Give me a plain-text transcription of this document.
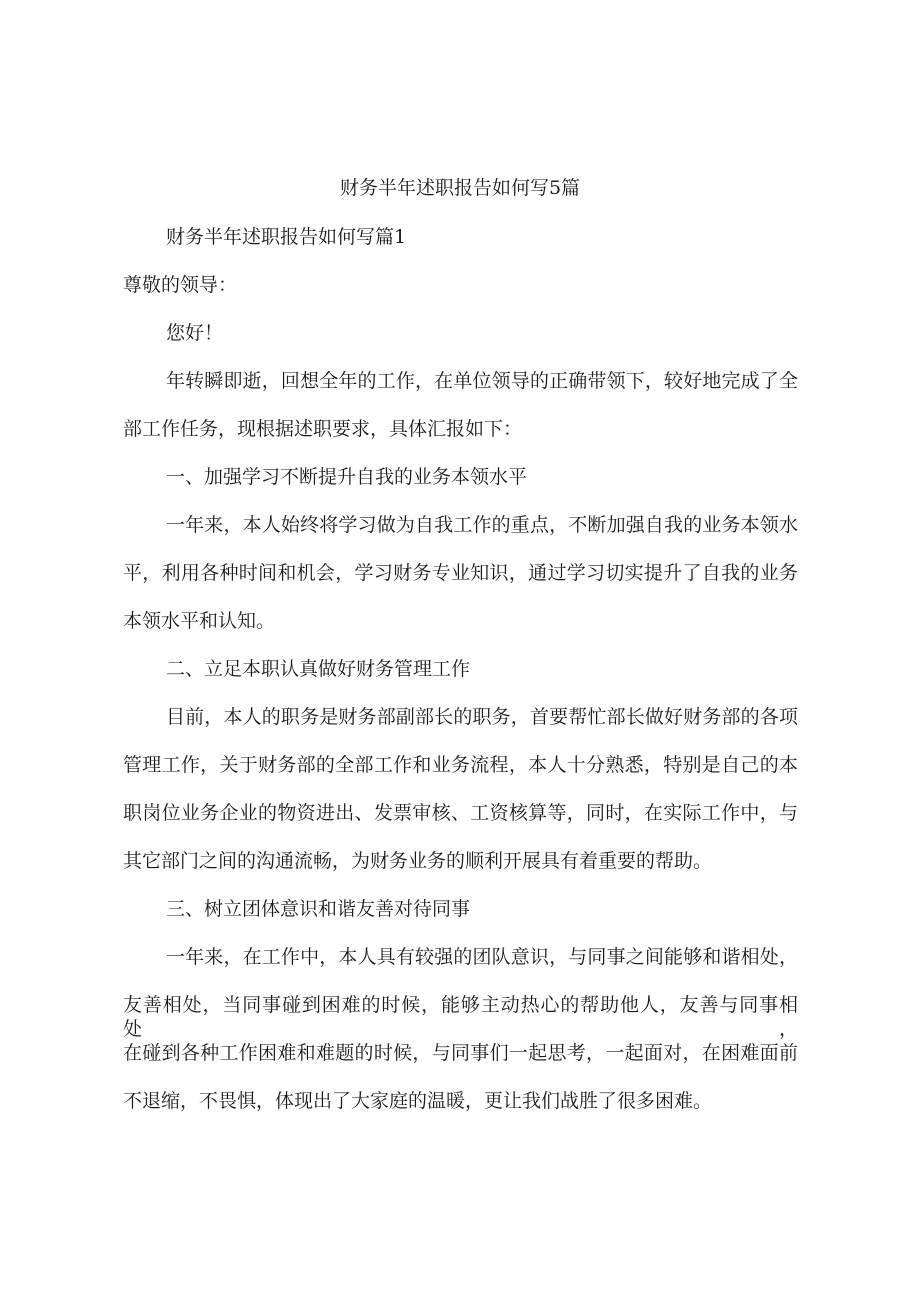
财务半年述职报告如何写5篇
财务半年述职报告如何写篇1
尊敬的领导：
您好！
年转瞬即逝，回想全年的工作，在单位领导的正确带领下，较好地完成了全
部工作任务，现根据述职要求，具体汇报如下：
一、加强学习不断提升自我的业务本领水平
一年来，本人始终将学习做为自我工作的重点，不断加强自我的业务本领水
平，利用各种时间和机会，学习财务专业知识，通过学习切实提升了自我的业务
本领水平和认知。
二、立足本职认真做好财务管理工作
目前，本人的职务是财务部副部长的职务，首要帮忙部长做好财务部的各项
管理工作，关于财务部的全部工作和业务流程，本人十分熟悉，特别是自己的本
职岗位业务企业的物资进出、发票审核、工资核算等，同时，在实际工作中，与
其它部门之间的沟通流畅，为财务业务的顺利开展具有着重要的帮助。
三、树立团体意识和谐友善对待同事
一年来，在工作中，本人具有较强的团队意识，与同事之间能够和谐相处，
友善相处，当同事碰到困难的时候，能够主动热心的帮助他人，友善与同事相处，
在碰到各种工作困难和难题的时候，与同事们一起思考，一起面对，在困难面前
不退缩，不畏惧，体现出了大家庭的温暖，更让我们战胜了很多困难。
